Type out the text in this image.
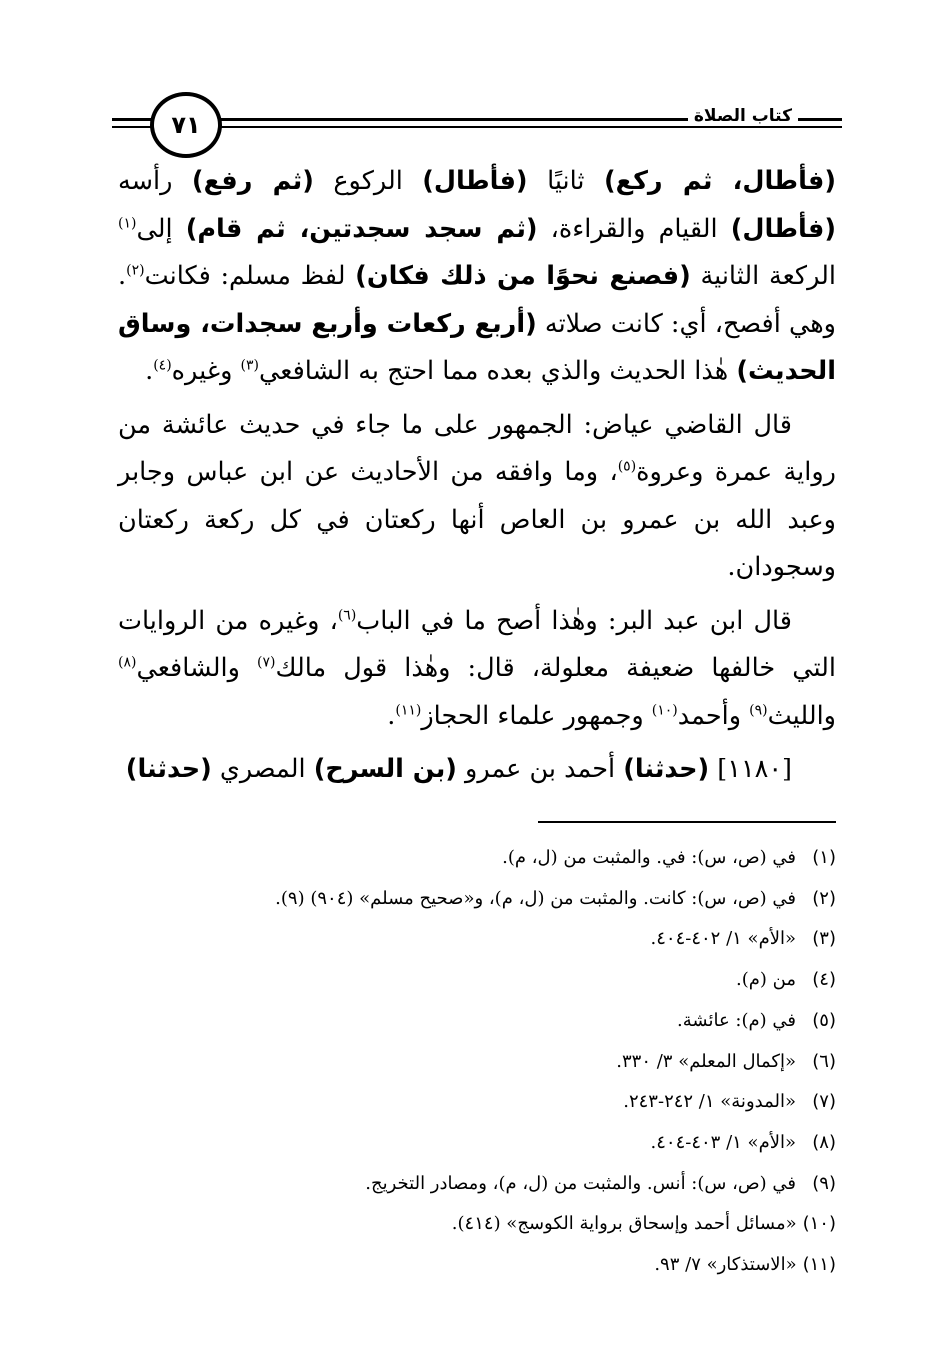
٧١	كتاب الصلاة

(فأطال، ثم ركع) ثانيًا (فأطال) الركوع (ثم رفع) رأسه (فأطال) القيام والقراءة، (ثم سجد سجدتين، ثم قام) إلى$^{(١)}$ الركعة الثانية (فصنع نحوًا من ذلك فكان) لفظ مسلم: فكانت$^{(٢)}$. وهي أفصح، أي: كانت صلاته (أربع ركعات وأربع سجدات، وساق الحديث) هٰذا الحديث والذي بعده مما احتج به الشافعي$^{(٣)}$ وغيره$^{(٤)}$.

قال القاضي عياض: الجمهور على ما جاء في حديث عائشة من رواية عمرة وعروة$^{(٥)}$، وما وافقه من الأحاديث عن ابن عباس وجابر وعبد الله بن عمرو بن العاص أنها ركعتان في كل ركعة ركعتان وسجودان.

قال ابن عبد البر: وهٰذا أصح ما في الباب$^{(٦)}$، وغيره من الروايات التي خالفها ضعيفة معلولة، قال: وهٰذا قول مالك$^{(٧)}$ والشافعي$^{(٨)}$ والليث$^{(٩)}$ وأحمد$^{(١٠)}$ وجمهور علماء الحجاز$^{(١١)}$.

[١١٨٠] (حدثنا) أحمد بن عمرو (بن السرح) المصري (حدثنا)

(١)في (ص، س): في. والمثبت من (ل، م).
(٢)في (ص، س): كانت. والمثبت من (ل، م)، و«صحيح مسلم» (٩٠٤) (٩).
(٣)«الأم» ١/ ٤٠٢-٤٠٤.
(٤)من (م).
(٥)في (م): عائشة.
(٦)«إكمال المعلم» ٣/ ٣٣٠.
(٧)«المدونة» ١/ ٢٤٢-٢٤٣.
(٨)«الأم» ١/ ٤٠٣-٤٠٤.
(٩)في (ص، س): أنس. والمثبت من (ل، م)، ومصادر التخريج.
(١٠)«مسائل أحمد وإسحاق برواية الكوسج» (٤١٤).
(١١)«الاستذكار» ٧/ ٩٣.
